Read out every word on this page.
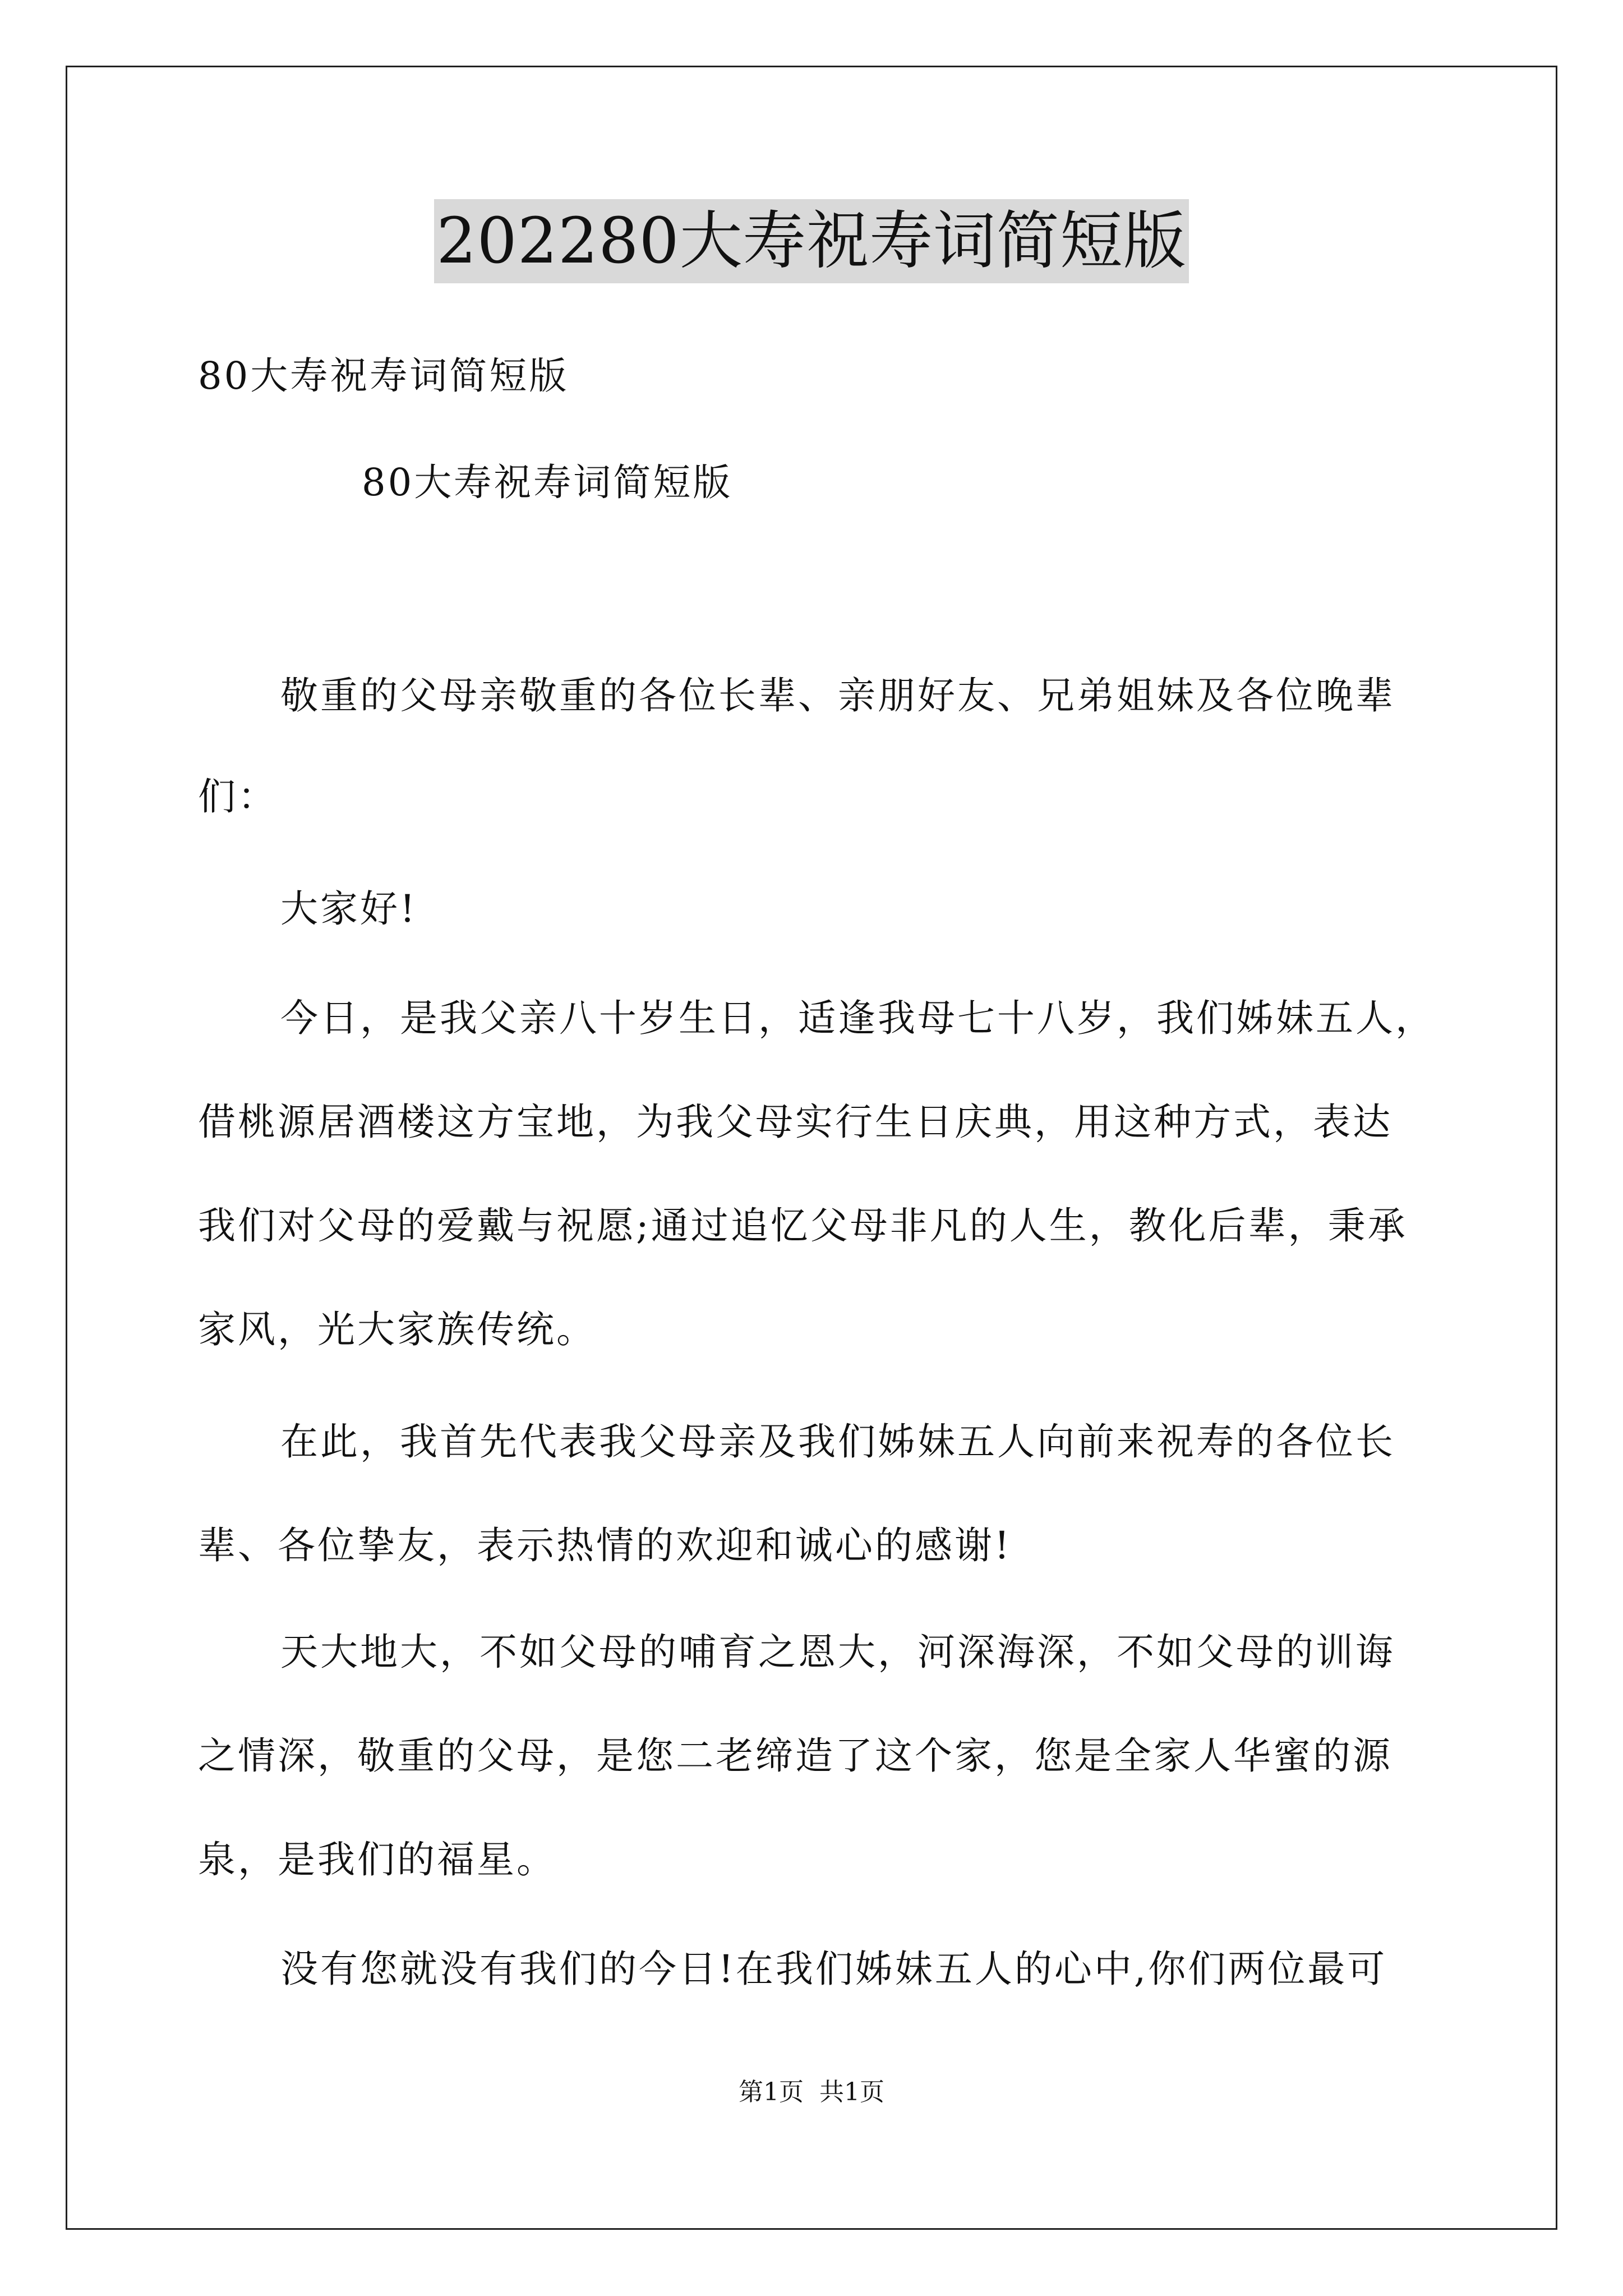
202280大寿祝寿词简短版
80大寿祝寿词简短版
80大寿祝寿词简短版
敬重的父母亲敬重的各位长辈、亲朋好友、兄弟姐妹及各位晚辈
们：
大家好!
今日，是我父亲八十岁生日，适逢我母七十八岁，我们姊妹五人，
借桃源居酒楼这方宝地，为我父母实行生日庆典，用这种方式，表达
我们对父母的爱戴与祝愿;通过追忆父母非凡的人生，教化后辈，秉承
家风，光大家族传统。
在此，我首先代表我父母亲及我们姊妹五人向前来祝寿的各位长
辈、各位挚友，表示热情的欢迎和诚心的感谢!
天大地大，不如父母的哺育之恩大，河深海深，不如父母的训诲
之情深，敬重的父母，是您二老缔造了这个家，您是全家人华蜜的源
泉，是我们的福星。
没有您就没有我们的今日!在我们姊妹五人的心中,你们两位最可
第1页 共1页
